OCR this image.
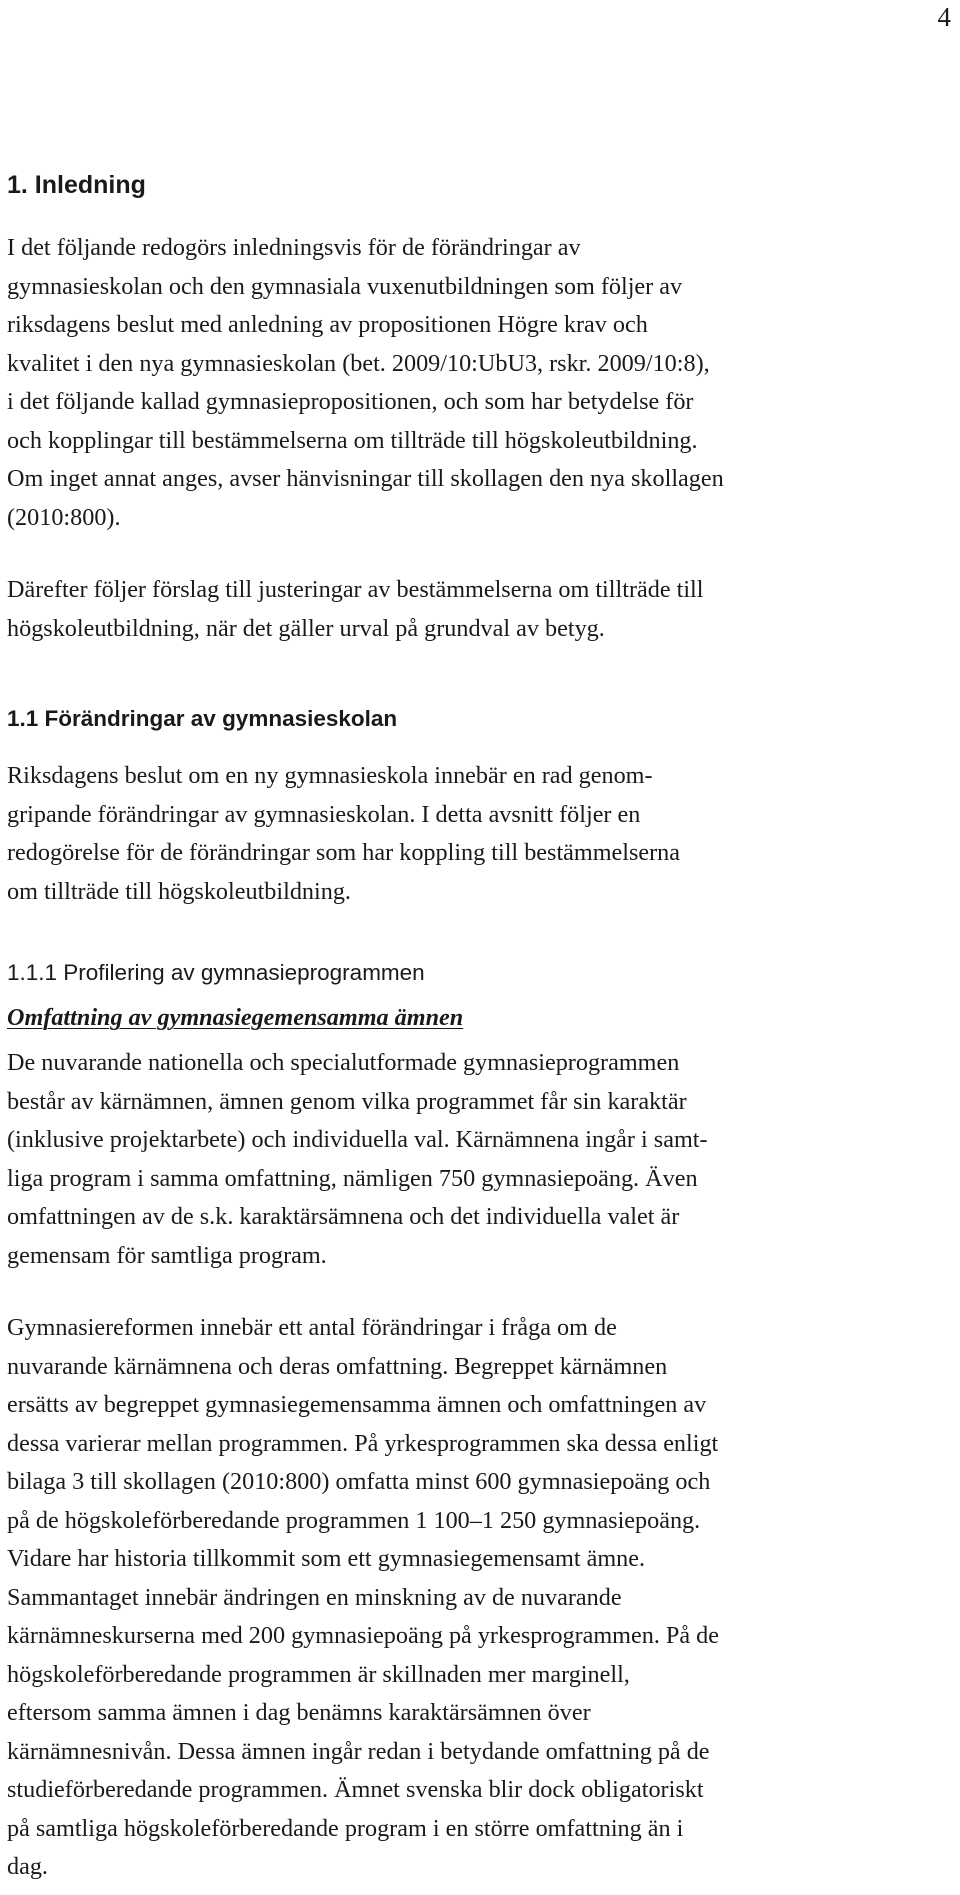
4
1. Inledning
I det följande redogörs inledningsvis för de förändringar av
gymnasieskolan och den gymnasiala vuxenutbildningen som följer av
riksdagens beslut med anledning av propositionen Högre krav och
kvalitet i den nya gymnasieskolan (bet. 2009/10:UbU3, rskr. 2009/10:8),
i det följande kallad gymnasiepropositionen, och som har betydelse för
och kopplingar till bestämmelserna om tillträde till högskoleutbildning.
Om inget annat anges, avser hänvisningar till skollagen den nya skollagen
(2010:800).
Därefter följer förslag till justeringar av bestämmelserna om tillträde till
högskoleutbildning, när det gäller urval på grundval av betyg.
1.1 Förändringar av gymnasieskolan
Riksdagens beslut om en ny gymnasieskola innebär en rad genom-
gripande förändringar av gymnasieskolan. I detta avsnitt följer en
redogörelse för de förändringar som har koppling till bestämmelserna
om tillträde till högskoleutbildning.
1.1.1 Profilering av gymnasieprogrammen
Omfattning av gymnasiegemensamma ämnen
De nuvarande nationella och specialutformade gymnasieprogrammen
består av kärnämnen, ämnen genom vilka programmet får sin karaktär
(inklusive projektarbete) och individuella val. Kärnämnena ingår i samt-
liga program i samma omfattning, nämligen 750 gymnasiepoäng. Även
omfattningen av de s.k. karaktärsämnena och det individuella valet är
gemensam för samtliga program.
Gymnasiereformen innebär ett antal förändringar i fråga om de
nuvarande kärnämnena och deras omfattning. Begreppet kärnämnen
ersätts av begreppet gymnasiegemensamma ämnen och omfattningen av
dessa varierar mellan programmen. På yrkesprogrammen ska dessa enligt
bilaga 3 till skollagen (2010:800) omfatta minst 600 gymnasiepoäng och
på de högskoleförberedande programmen 1 100–1 250 gymnasiepoäng.
Vidare har historia tillkommit som ett gymnasiegemensamt ämne.
Sammantaget innebär ändringen en minskning av de nuvarande
kärnämneskurserna med 200 gymnasiepoäng på yrkesprogrammen. På de
högskoleförberedande programmen är skillnaden mer marginell,
eftersom samma ämnen i dag benämns karaktärsämnen över
kärnämnesnivån. Dessa ämnen ingår redan i betydande omfattning på de
studieförberedande programmen. Ämnet svenska blir dock obligatoriskt
på samtliga högskoleförberedande program i en större omfattning än i
dag.
